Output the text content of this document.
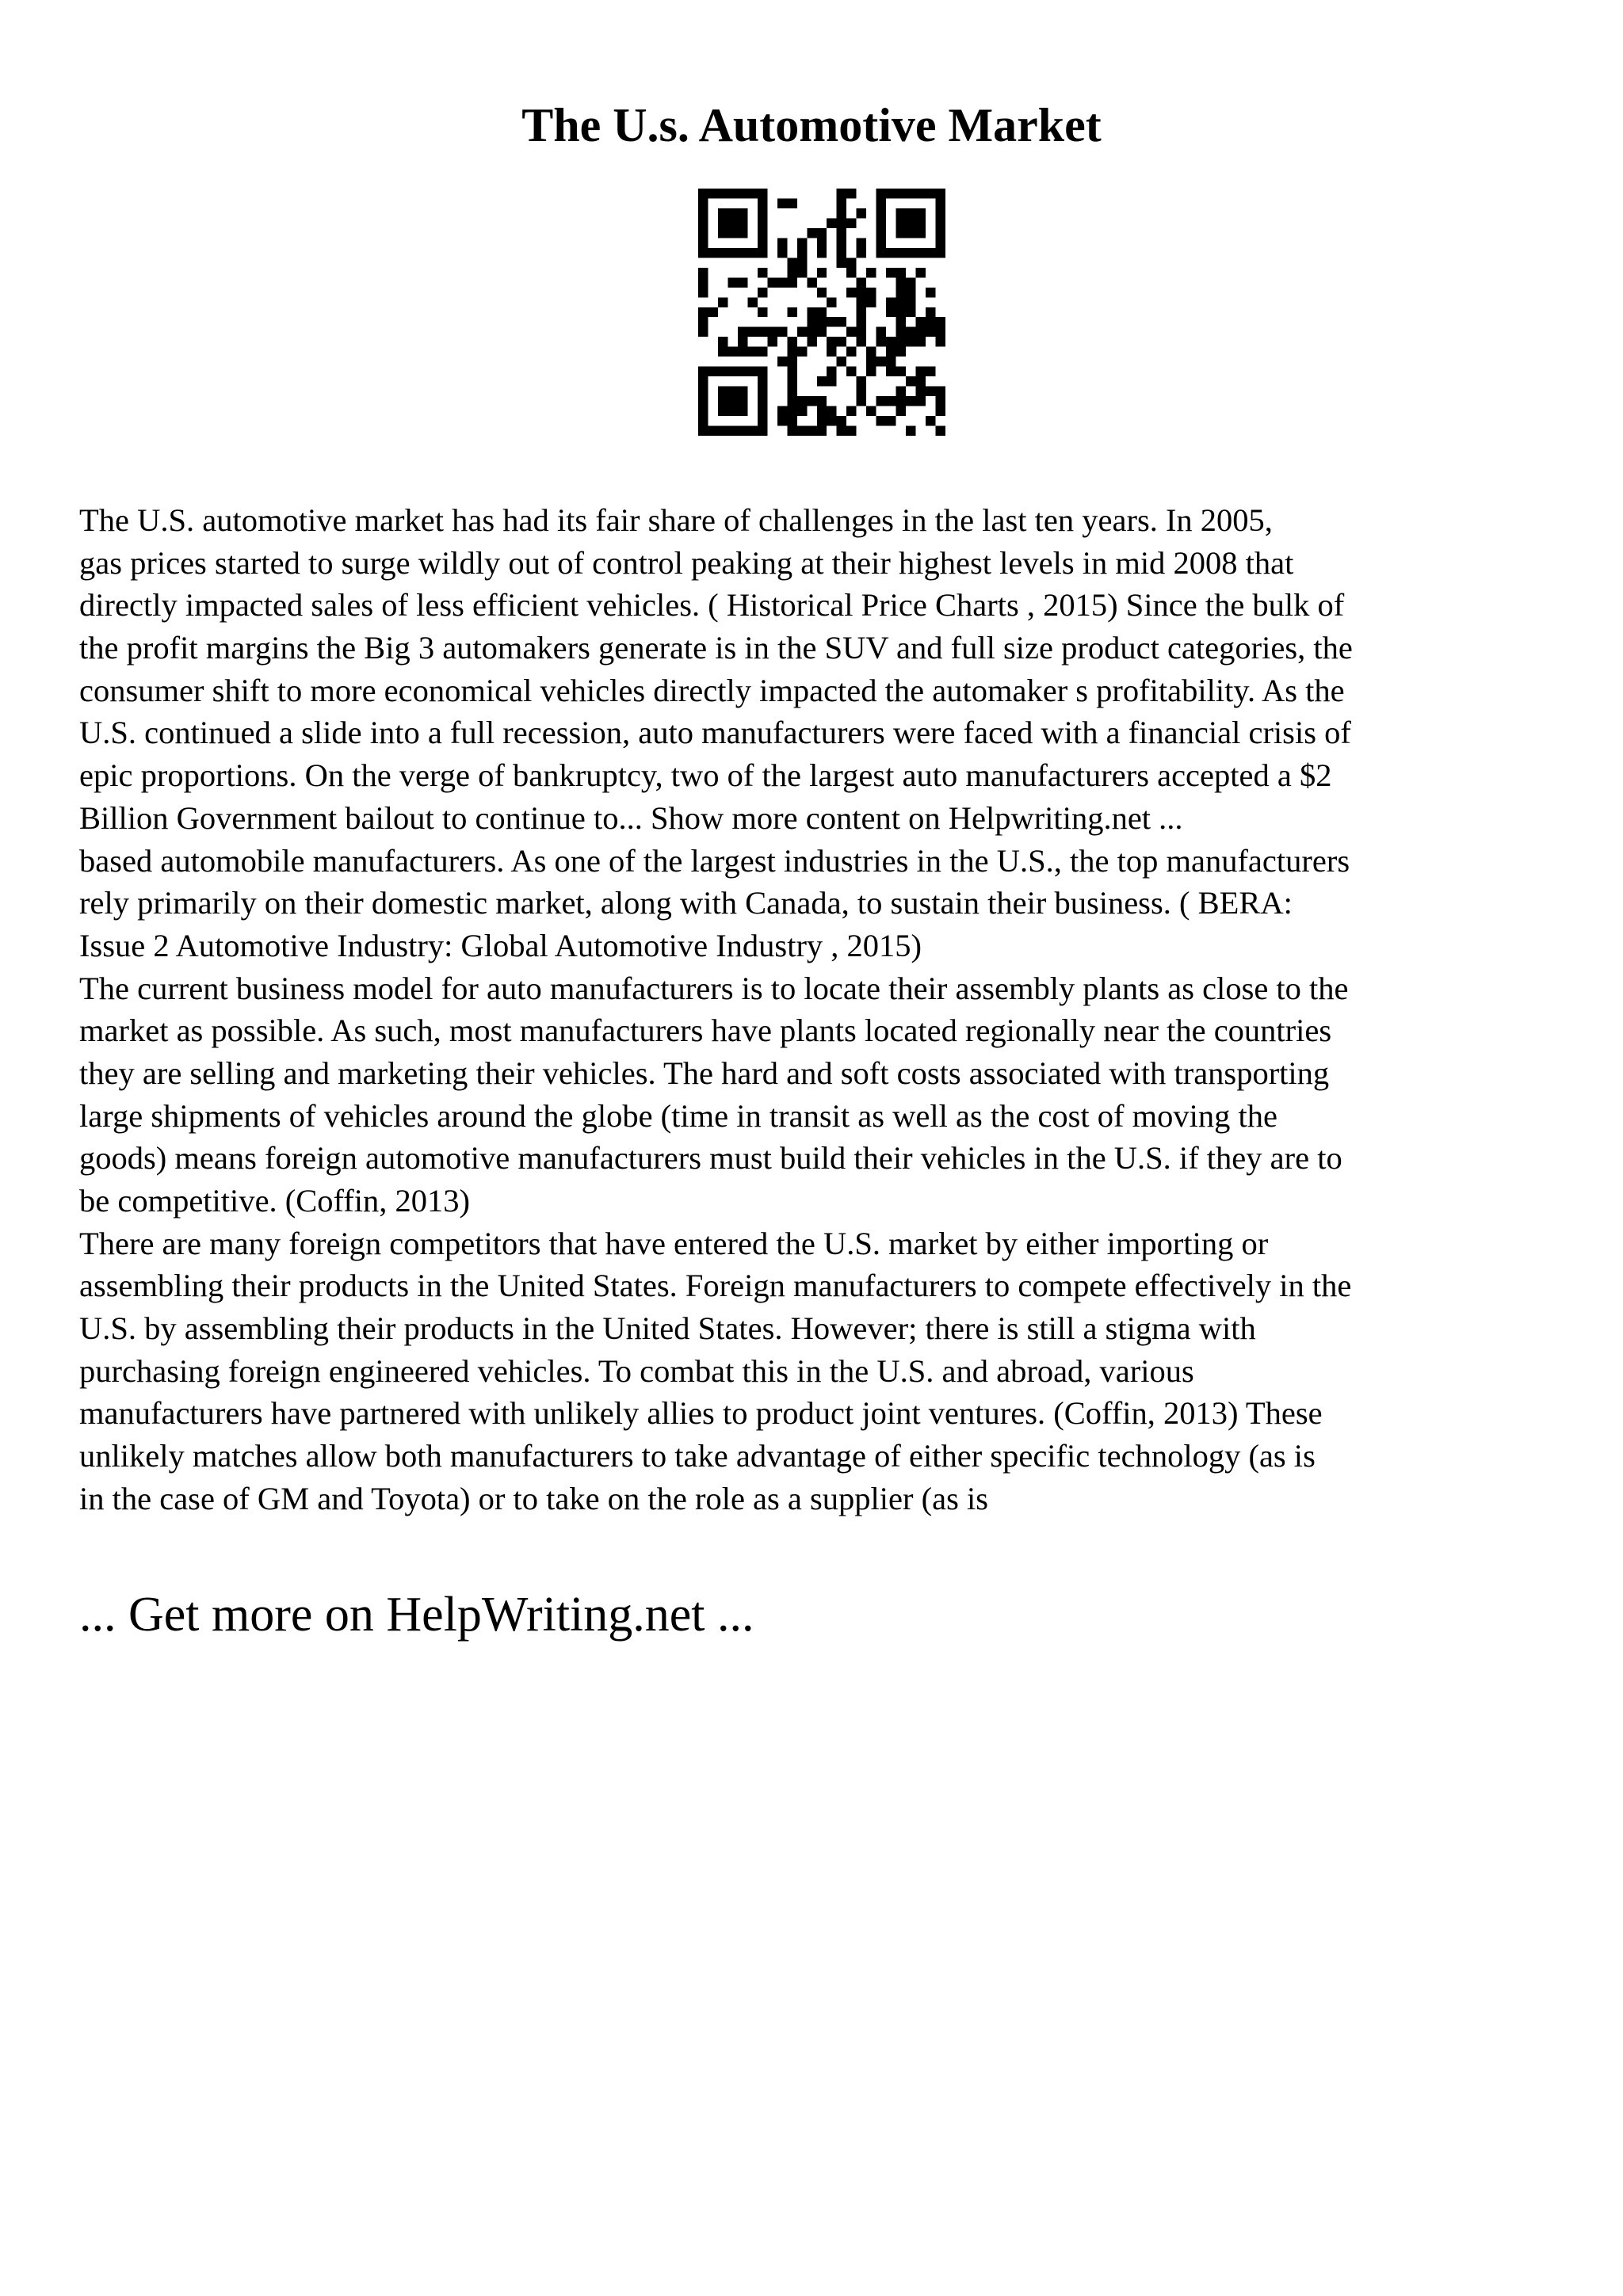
The U.s. Automotive Market
The U.S. automotive market has had its fair share of challenges in the last ten years. In 2005,
gas prices started to surge wildly out of control peaking at their highest levels in mid 2008 that
directly impacted sales of less efficient vehicles. ( Historical Price Charts , 2015) Since the bulk of
the profit margins the Big 3 automakers generate is in the SUV and full size product categories, the
consumer shift to more economical vehicles directly impacted the automaker s profitability. As the
U.S. continued a slide into a full recession, auto manufacturers were faced with a financial crisis of
epic proportions. On the verge of bankruptcy, two of the largest auto manufacturers accepted a $2
Billion Government bailout to continue to... Show more content on Helpwriting.net ...
based automobile manufacturers. As one of the largest industries in the U.S., the top manufacturers
rely primarily on their domestic market, along with Canada, to sustain their business. ( BERA:
Issue 2 Automotive Industry: Global Automotive Industry , 2015)
The current business model for auto manufacturers is to locate their assembly plants as close to the
market as possible. As such, most manufacturers have plants located regionally near the countries
they are selling and marketing their vehicles. The hard and soft costs associated with transporting
large shipments of vehicles around the globe (time in transit as well as the cost of moving the
goods) means foreign automotive manufacturers must build their vehicles in the U.S. if they are to
be competitive. (Coffin, 2013)
There are many foreign competitors that have entered the U.S. market by either importing or
assembling their products in the United States. Foreign manufacturers to compete effectively in the
U.S. by assembling their products in the United States. However; there is still a stigma with
purchasing foreign engineered vehicles. To combat this in the U.S. and abroad, various
manufacturers have partnered with unlikely allies to product joint ventures. (Coffin, 2013) These
unlikely matches allow both manufacturers to take advantage of either specific technology (as is
in the case of GM and Toyota) or to take on the role as a supplier (as is
... Get more on HelpWriting.net ...
